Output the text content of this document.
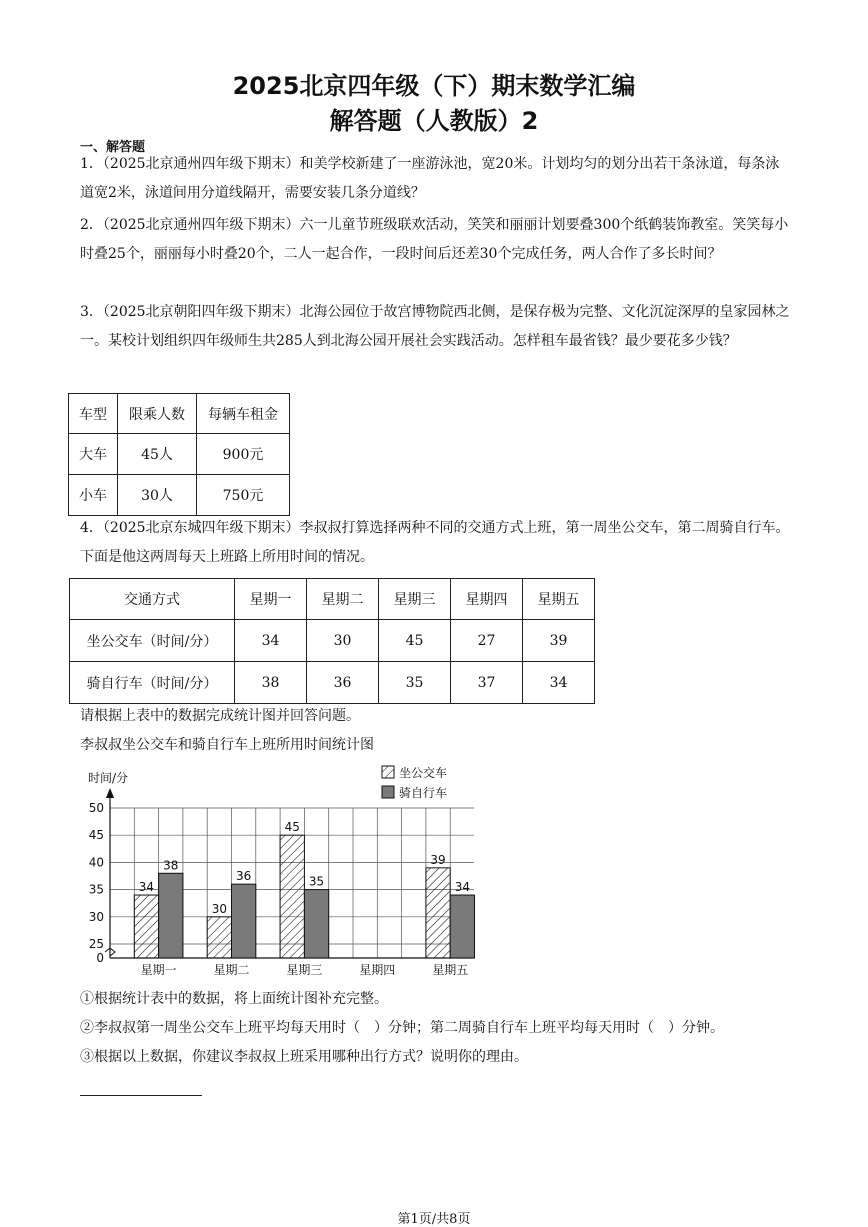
2025北京四年级（下）期末数学汇编
解答题（人教版）2
一、解答题
1．（2025北京通州四年级下期末）和美学校新建了一座游泳池，宽20米。计划均匀的划分出若干条泳道，每条泳道宽2米，泳道间用分道线隔开，需要安装几条分道线？
2．（2025北京通州四年级下期末）六一儿童节班级联欢活动，笑笑和丽丽计划要叠300个纸鹤装饰教室。笑笑每小时叠25个，丽丽每小时叠20个，二人一起合作，一段时间后还差30个完成任务，两人合作了多长时间？
3．（2025北京朝阳四年级下期末）北海公园位于故宫博物院西北侧，是保存极为完整、文化沉淀深厚的皇家园林之一。某校计划组织四年级师生共285人到北海公园开展社会实践活动。怎样租车最省钱？最少要花多少钱？
车型	限乘人数	每辆车租金
大车	45人	900元
小车	30人	750元
4．（2025北京东城四年级下期末）李叔叔打算选择两种不同的交通方式上班，第一周坐公交车，第二周骑自行车。下面是他这两周每天上班路上所用时间的情况。
交通方式	星期一	星期二	星期三	星期四	星期五
坐公交车（时间/分）	34	30	45	27	39
骑自行车（时间/分）	38	36	35	37	34
请根据上表中的数据完成统计图并回答问题。
李叔叔坐公交车和骑自行车上班所用时间统计图
0
25
30
35
40
45
50
时间/分
34
38
星期一
30
36
星期二
45
35
星期三	星期四
39
34
星期五
坐公交车
骑自行车
①根据统计表中的数据，将上面统计图补充完整。
②李叔叔第一周坐公交车上班平均每天用时（　）分钟；第二周骑自行车上班平均每天用时（　）分钟。
③根据以上数据，你建议李叔叔上班采用哪种出行方式？说明你的理由。
第1页/共8页
